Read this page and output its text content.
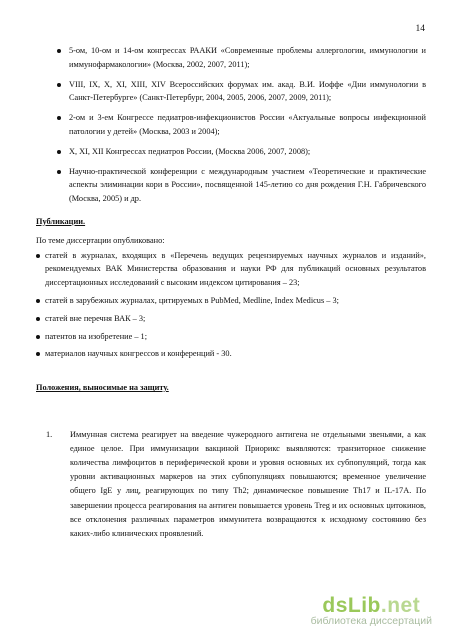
14
5-ом, 10-ом и 14-ом конгрессах РААКИ «Современные проблемы аллергологии, иммунологии и иммунофармакологии» (Москва, 2002, 2007, 2011);
VIII, IX, X, XI, XIII, XIV Всероссийских форумах им. акад. В.И. Иоффе «Дни иммунологии в Санкт-Петербурге» (Санкт-Петербург, 2004, 2005, 2006, 2007, 2009, 2011);
2-ом и 3-ем Конгрессе педиатров-инфекционистов России «Актуальные вопросы инфекционной патологии у детей» (Москва, 2003 и 2004);
X, XI, XII Конгрессах педиатров России, (Москва 2006, 2007, 2008);
Научно-практической конференции с международным участием «Теоретические и практические аспекты элиминации кори в России», посвященной 145-летию со дня рождения Г.Н. Габричевского (Москва, 2005) и др.
Публикации.
По теме диссертации опубликовано:
статей в журналах, входящих в «Перечень ведущих рецензируемых научных журналов и изданий», рекомендуемых ВАК Министерства образования и науки РФ для публикаций основных результатов диссертационных исследований с высоким индексом цитирования – 23;
статей в зарубежных журналах, цитируемых в PubMed, Medline, Index Medicus – 3;
статей вне перечня ВАК – 3;
патентов на изобретение – 1;
материалов научных конгрессов и конференций - 30.
Положения, выносимые на защиту.
1. Иммунная система реагирует на введение чужеродного антигена не отдельными звеньями, а как единое целое. При иммунизации вакциной Приорикс выявляются: транзиторное снижение количества лимфоцитов в периферической крови и уровня основных их субпопуляций, тогда как уровни активационных маркеров на этих субпопуляциях повышаются; временное увеличение общего IgE у лиц, реагирующих по типу Th2; динамическое повышение Th17 и IL-17A. По завершении процесса реагирования на антиген повышается уровень Treg и их основных цитокинов, все отклонения различных параметров иммунитета возвращаются к исходному состоянию без каких-либо клинических проявлений.
dsLib.net
библиотека диссертаций
